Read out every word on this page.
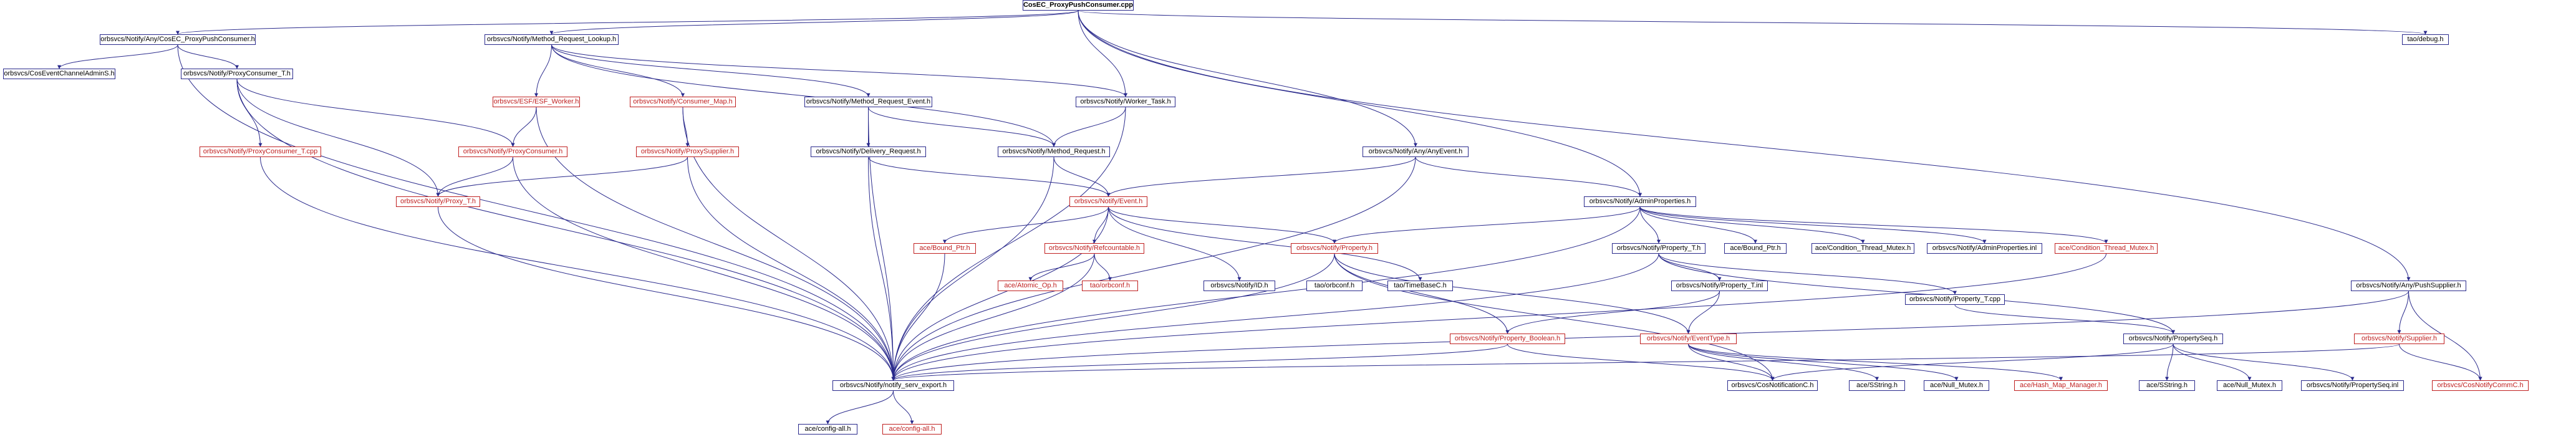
CosEC_ProxyPushConsumer.cpp
orbsvcs/Notify/Any/CosEC_ProxyPushConsumer.h	orbsvcs/Notify/Method_Request_Lookup.h	tao/debug.h
orbsvcs/CosEventChannelAdminS.h	orbsvcs/Notify/ProxyConsumer_T.h
orbsvcs/ESF/ESF_Worker.h	orbsvcs/Notify/Consumer_Map.h	orbsvcs/Notify/Method_Request_Event.h	orbsvcs/Notify/Worker_Task.h
orbsvcs/Notify/ProxyConsumer_T.cpp	orbsvcs/Notify/ProxyConsumer.h	orbsvcs/Notify/ProxySupplier.h	orbsvcs/Notify/Delivery_Request.h	orbsvcs/Notify/Method_Request.h	orbsvcs/Notify/Any/AnyEvent.h
orbsvcs/Notify/Proxy_T.h	orbsvcs/Notify/Event.h	orbsvcs/Notify/AdminProperties.h
ace/Bound_Ptr.h	orbsvcs/Notify/Refcountable.h	orbsvcs/Notify/Property.h	orbsvcs/Notify/Property_T.h	ace/Bound_Ptr.h	ace/Condition_Thread_Mutex.h	orbsvcs/Notify/AdminProperties.inl	ace/Condition_Thread_Mutex.h
ace/Atomic_Op.h	tao/orbconf.h	orbsvcs/Notify/ID.h	tao/orbconf.h	tao/TimeBaseC.h	orbsvcs/Notify/Property_T.inl
orbsvcs/Notify/Property_T.cpp
orbsvcs/Notify/Any/PushSupplier.h
orbsvcs/Notify/Property_Boolean.h	orbsvcs/Notify/EventType.h	orbsvcs/Notify/PropertySeq.h	orbsvcs/Notify/Supplier.h
orbsvcs/Notify/notify_serv_export.h	orbsvcs/CosNotificationC.h	ace/SString.h	ace/Null_Mutex.h	ace/Hash_Map_Manager.h	ace/SString.h	ace/Null_Mutex.h	orbsvcs/Notify/PropertySeq.inl	orbsvcs/CosNotifyCommC.h
ace/config-all.h	ace/config-all.h
